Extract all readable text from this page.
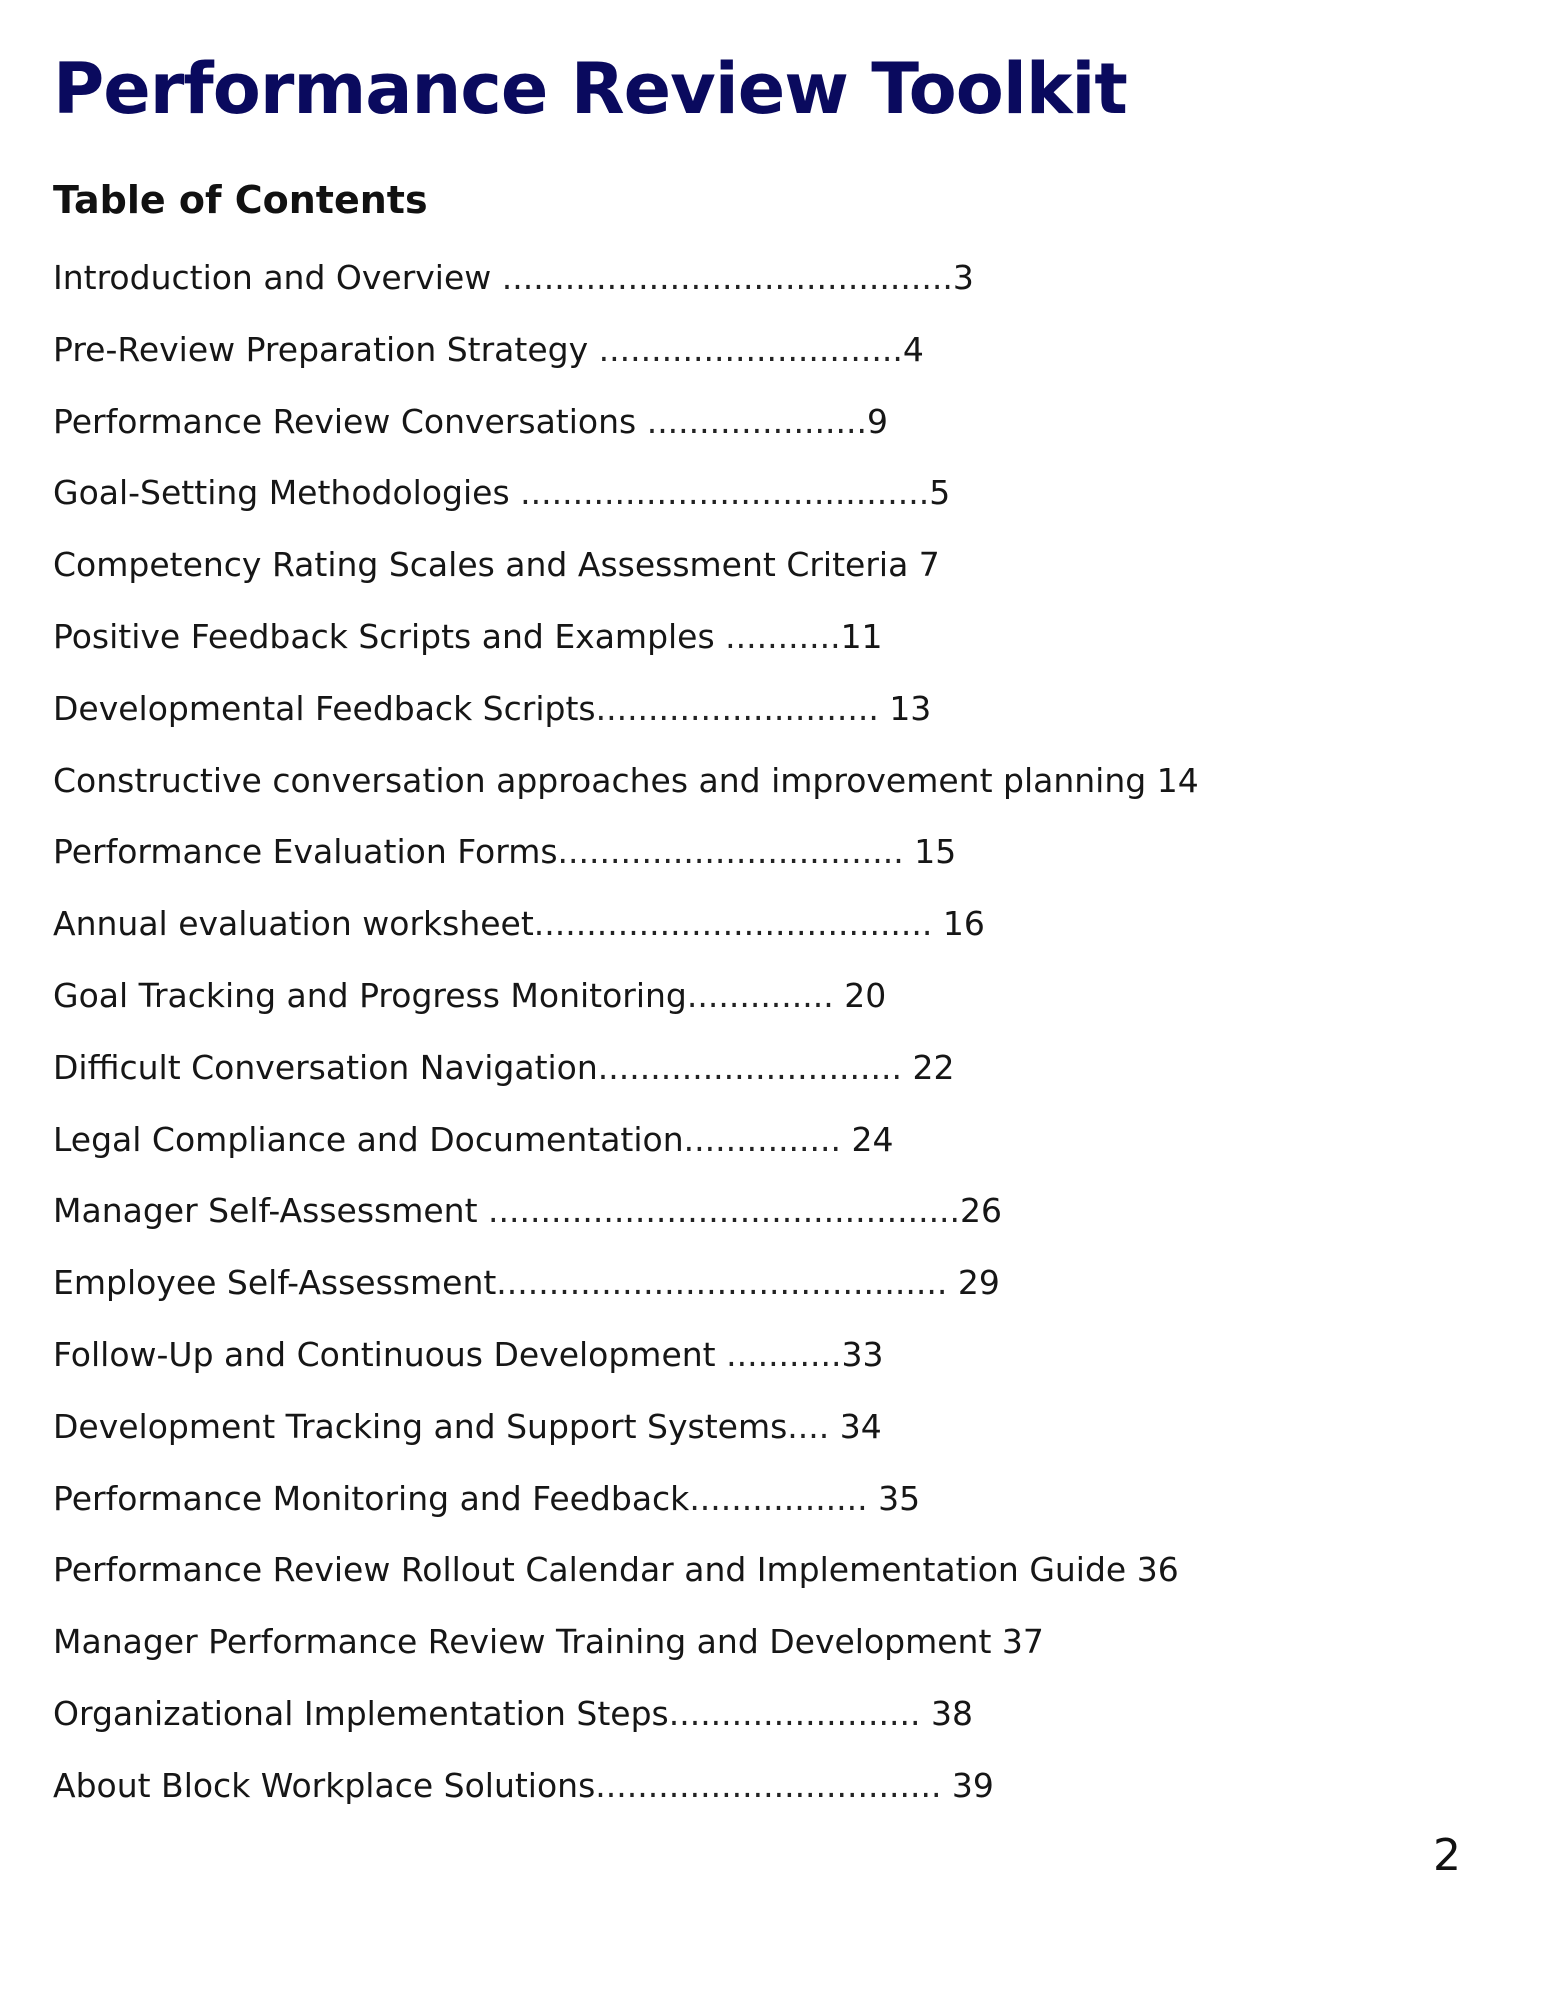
Performance Review Toolkit
Table of Contents
Introduction and Overview ...........................................3
Pre-Review Preparation Strategy .............................4
Performance Review Conversations .....................9
Goal-Setting Methodologies .......................................5
Competency Rating Scales and Assessment Criteria 7
Positive Feedback Scripts and Examples ...........11
Developmental Feedback Scripts........................... 13
Constructive conversation approaches and improvement planning 14
Performance Evaluation Forms................................. 15
Annual evaluation worksheet...................................... 16
Goal Tracking and Progress Monitoring.............. 20
Difficult Conversation Navigation............................. 22
Legal Compliance and Documentation............... 24
Manager Self-Assessment .............................................26
Employee Self-Assessment........................................... 29
Follow-Up and Continuous Development ...........33
Development Tracking and Support Systems.... 34
Performance Monitoring and Feedback................. 35
Performance Review Rollout Calendar and Implementation Guide 36
Manager Performance Review Training and Development 37
Organizational Implementation Steps........................ 38
About Block Workplace Solutions................................. 39
2
